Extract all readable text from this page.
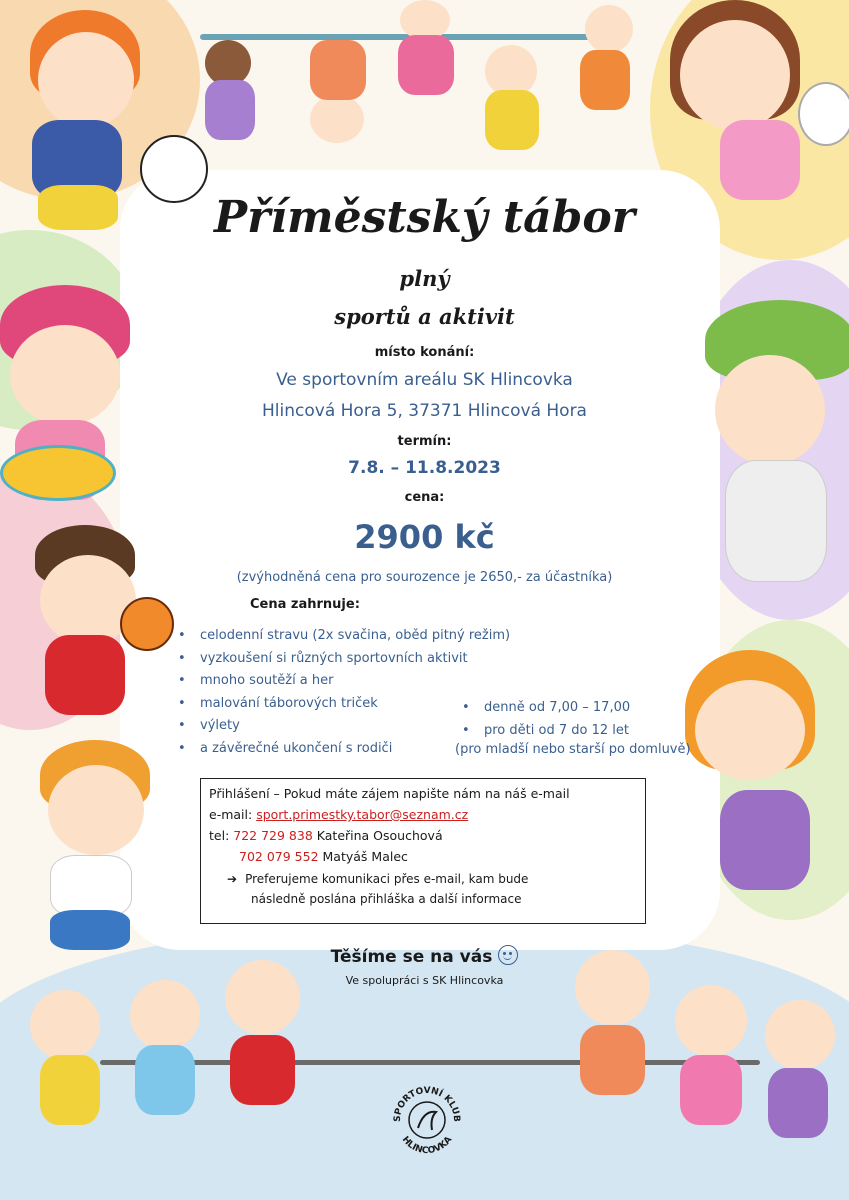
Příměstský tábor
plný
sportů a aktivit
místo konání:
Ve sportovním areálu SK Hlincovka
Hlincová Hora 5, 37371 Hlincová Hora
termín:
7.8. – 11.8.2023
cena:
2900 kč
(zvýhodněná cena pro sourozence je 2650,- za účastníka)
Cena zahrnuje:
• celodenní stravu (2x svačina, oběd pitný režim)
• vyzkoušení si různých sportovních aktivit
• mnoho soutěží a her
• malování táborových triček
• výlety
• a závěrečné ukončení s rodiči
• denně od 7,00 – 17,00
• pro děti od 7 do 12 let
(pro mladší nebo starší po domluvě)
Přihlášení – Pokud máte zájem napište nám na náš e-mail
e-mail: sport.primestky.tabor@seznam.cz
tel: 722 729 838 Kateřina Osouchová
702 079 552 Matyáš Malec
➔ Preferujeme komunikaci přes e-mail, kam bude
následně poslána přihláška a další informace
Těšíme se na vás
Ve spolupráci s SK Hlincovka
SPORTOVNÍ KLUB
HLINCOVKA
